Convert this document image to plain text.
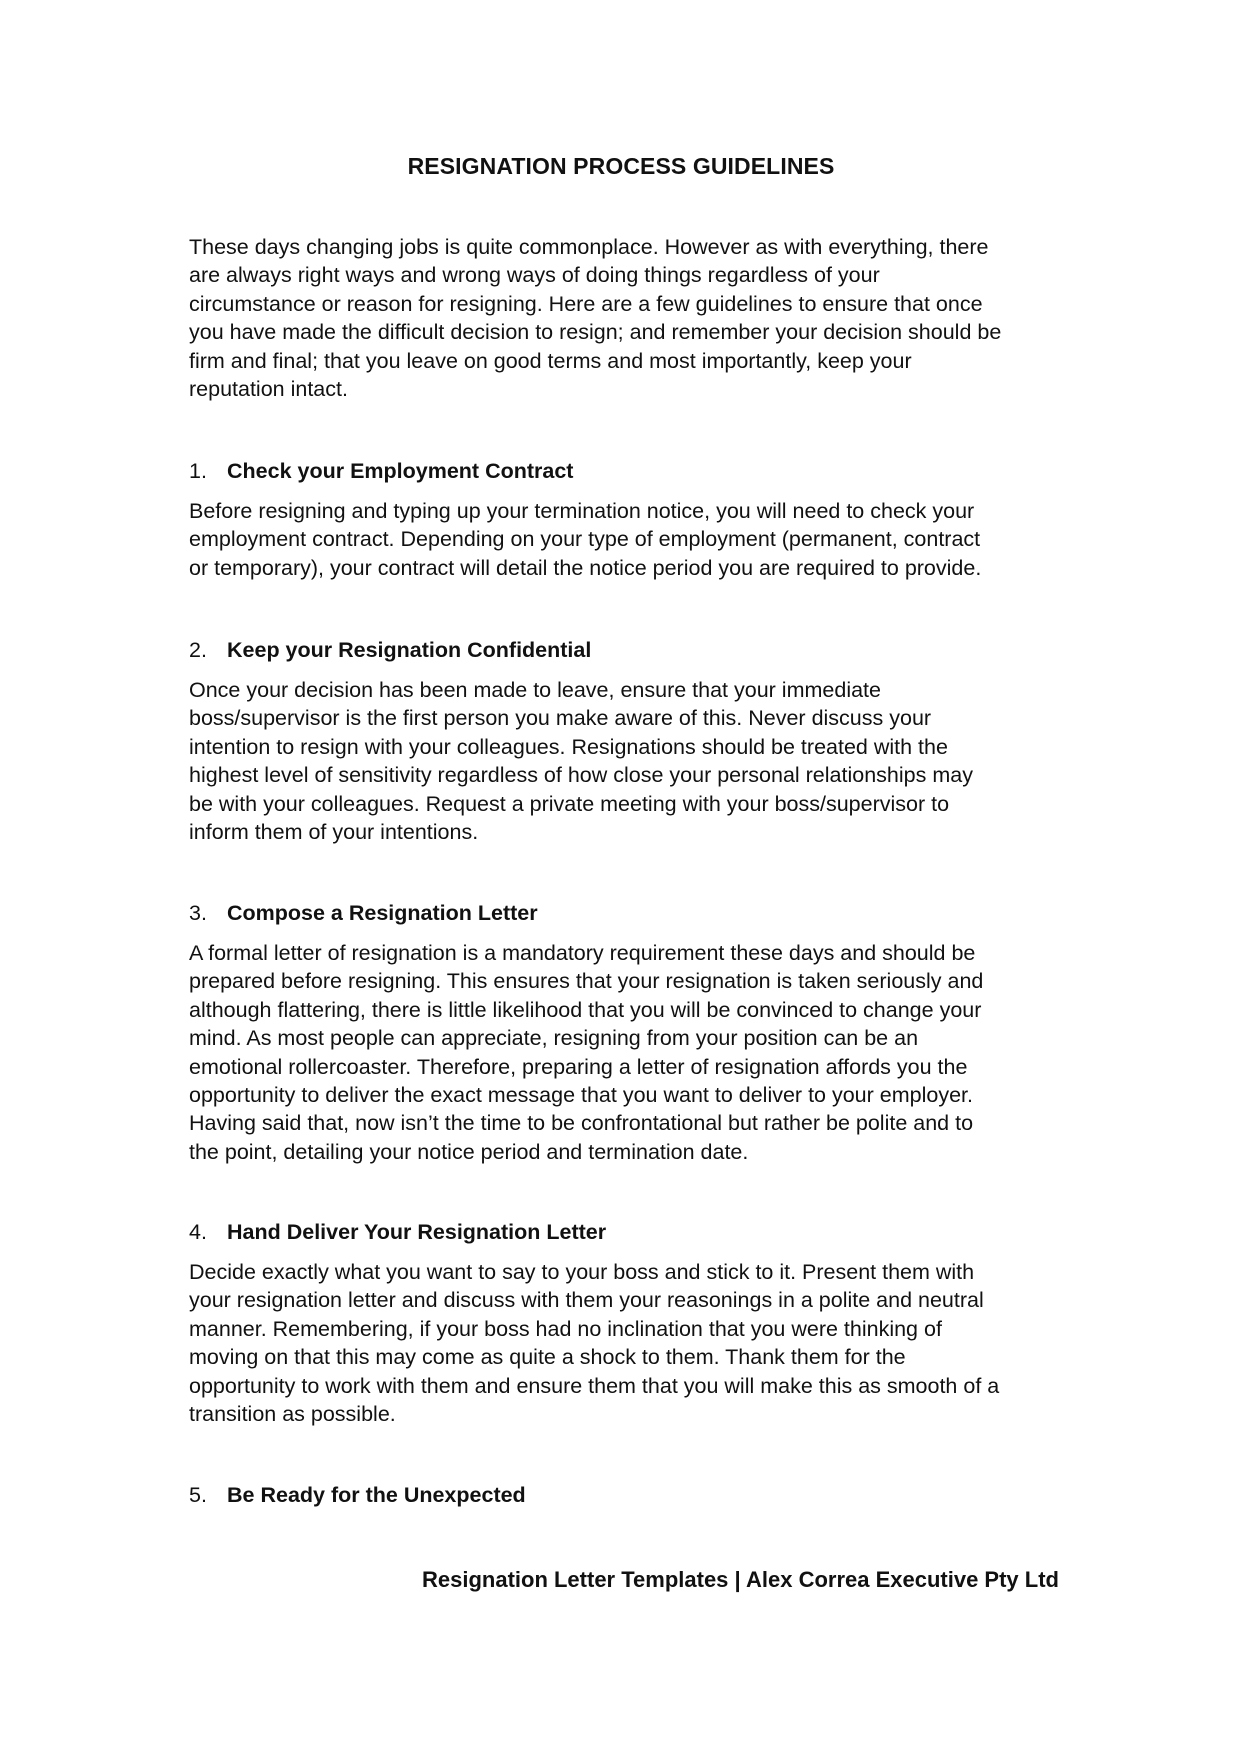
RESIGNATION PROCESS GUIDELINES

These days changing jobs is quite commonplace. However as with everything, there
are always right ways and wrong ways of doing things regardless of your
circumstance or reason for resigning. Here are a few guidelines to ensure that once
you have made the difficult decision to resign; and remember your decision should be
firm and final; that you leave on good terms and most importantly, keep your
reputation intact.

1. Check your Employment Contract

Before resigning and typing up your termination notice, you will need to check your
employment contract. Depending on your type of employment (permanent, contract
or temporary), your contract will detail the notice period you are required to provide.

2. Keep your Resignation Confidential

Once your decision has been made to leave, ensure that your immediate
boss/supervisor is the first person you make aware of this. Never discuss your
intention to resign with your colleagues. Resignations should be treated with the
highest level of sensitivity regardless of how close your personal relationships may
be with your colleagues. Request a private meeting with your boss/supervisor to
inform them of your intentions.

3. Compose a Resignation Letter

A formal letter of resignation is a mandatory requirement these days and should be
prepared before resigning. This ensures that your resignation is taken seriously and
although flattering, there is little likelihood that you will be convinced to change your
mind. As most people can appreciate, resigning from your position can be an
emotional rollercoaster. Therefore, preparing a letter of resignation affords you the
opportunity to deliver the exact message that you want to deliver to your employer.
Having said that, now isn’t the time to be confrontational but rather be polite and to
the point, detailing your notice period and termination date.

4. Hand Deliver Your Resignation Letter

Decide exactly what you want to say to your boss and stick to it. Present them with
your resignation letter and discuss with them your reasonings in a polite and neutral
manner. Remembering, if your boss had no inclination that you were thinking of
moving on that this may come as quite a shock to them. Thank them for the
opportunity to work with them and ensure them that you will make this as smooth of a
transition as possible.

5. Be Ready for the Unexpected

Resignation Letter Templates | Alex Correa Executive Pty Ltd
